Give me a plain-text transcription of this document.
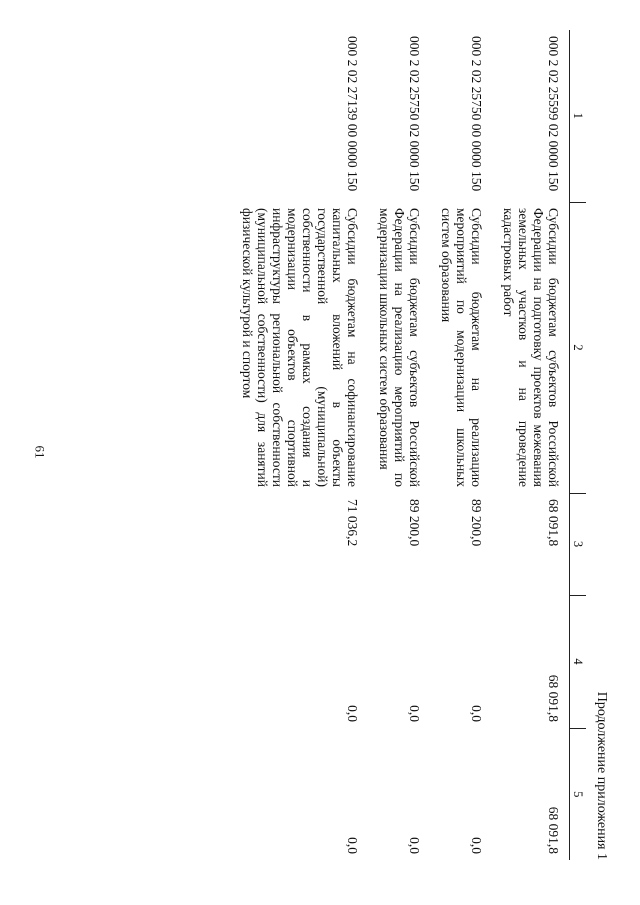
61
Продолжение приложения 1
1	2	3	4	5
000 2 02 25599 02 0000 150	Субсидии бюджетам субъектов Российской Федерации на подготовку проектов межевания земельных участков и на проведение кадастровых работ	68 091,8	68 091,8	68 091,8
000 2 02 25750 00 0000 150	Субсидии бюджетам на реализацию мероприятий по модернизации школьных систем образования	89 200,0	0,0	0,0
000 2 02 25750 02 0000 150	Субсидии бюджетам субъектов Российской Федерации на реализацию мероприятий по модернизации школьных систем образования	89 200,0	0,0	0,0
000 2 02 27139 00 0000 150	Субсидии бюджетам на софинансирование капитальных вложений в объекты государственной (муниципальной) собственности в рамках создания и модернизации объектов спортивной инфраструктуры региональной собственности (муниципальной собственности) для занятий физической культурой и спортом	71 036,2	0,0	0,0
